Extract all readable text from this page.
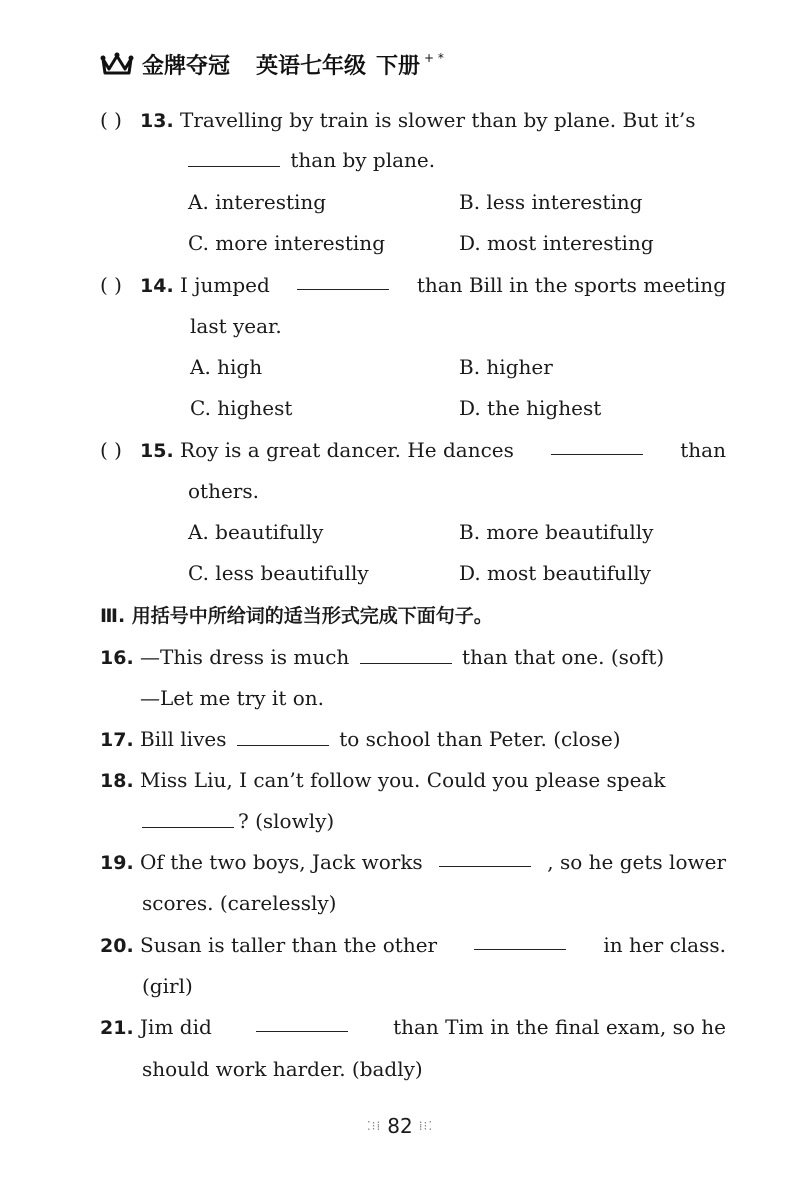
金牌夺冠 英语七年级 下册 + *
( ) 13. Travelling by train is slower than by plane. But it’s
than by plane.
A. interesting	B. less interesting
C. more interesting	D. most interesting
( ) 14. I jumped	than Bill in the sports meeting
last year.
A. high	B. higher
C. highest	D. the highest
( ) 15. Roy is a great dancer. He dances	than
others.
A. beautifully	B. more beautifully
C. less beautifully	D. most beautifully
Ⅲ. 用括号中所给词的适当形式完成下面句子。
16. —This dress is much	than that one. (soft)
—Let me try it on.
17. Bill lives	to school than Peter. (close)
18. Miss Liu, I can’t follow you. Could you please speak
? (slowly)
19. Of the two boys, Jack works	, so he gets lower
scores. (carelessly)
20. Susan is taller than the other	in her class.
(girl)
21. Jim did	than Tim in the final exam, so he
should work harder. (badly)
⁚⁝⁞ 82 ⁞⁝⁚
